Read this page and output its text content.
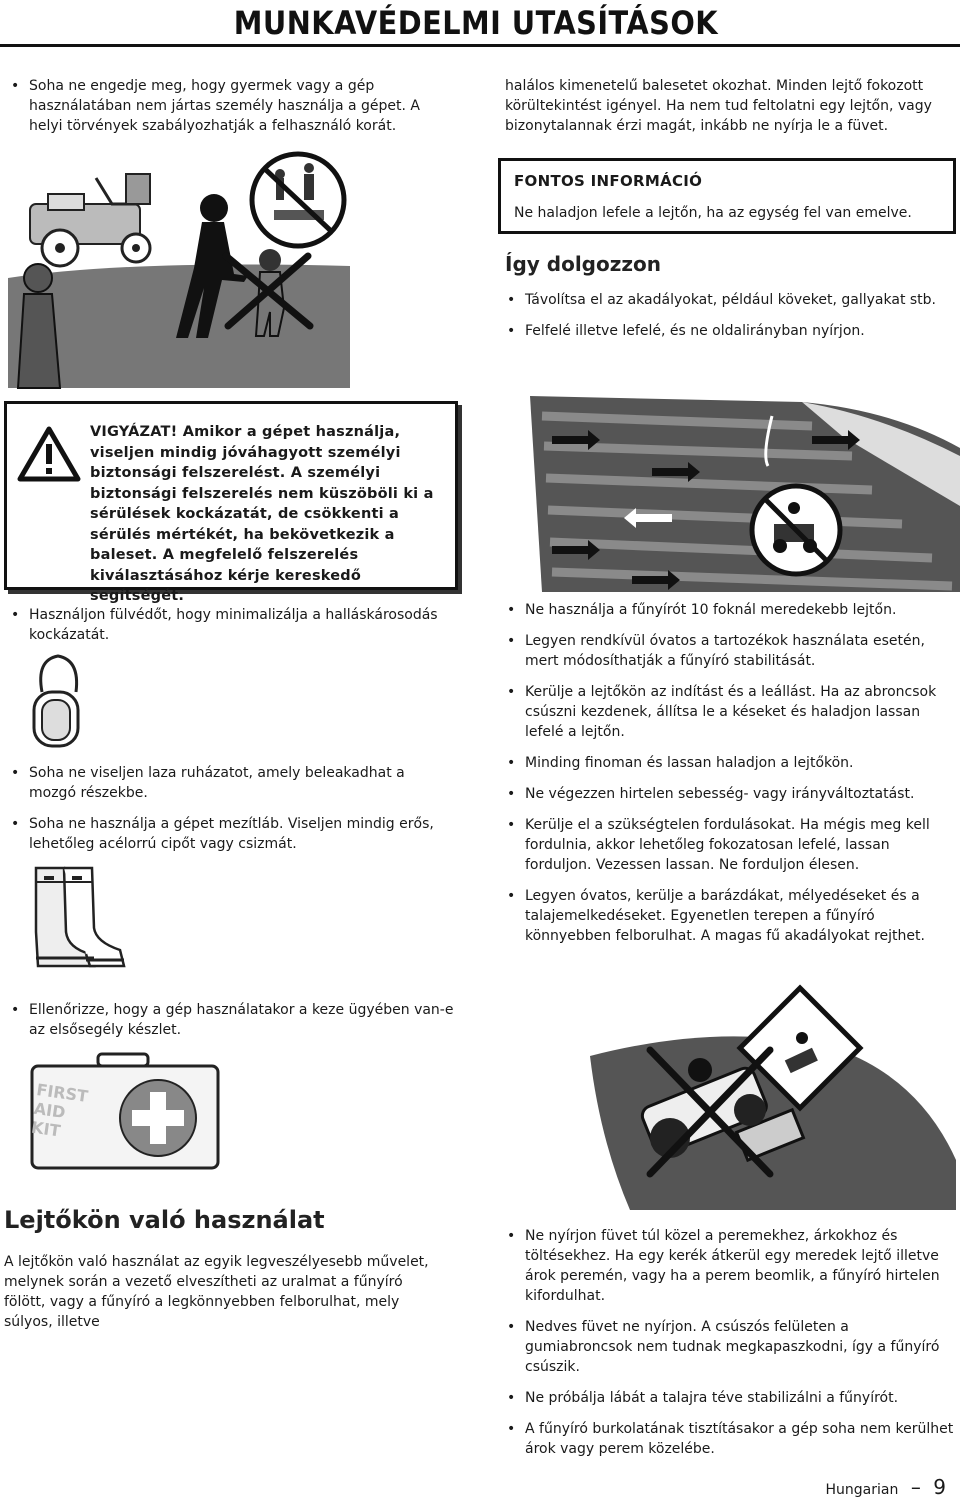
MUNKAVÉDELMI UTASÍTÁSOK
• Soha ne engedje meg, hogy gyermek vagy a gép használatában nem jártas személy használja a gépet. A helyi törvények szabályozhatják a felhasználó korát.
VIGYÁZAT! Amikor a gépet használja, viseljen mindig jóváhagyott személyi biztonsági felszerelést. A személyi biztonsági felszerelés nem küszöböli ki a sérülések kockázatát, de csökkenti a sérülés mértékét, ha bekövetkezik a baleset. A megfelelő felszerelés kiválasztásához kérje kereskedő segítségét.
• Használjon fülvédőt, hogy minimalizálja a halláskárosodás kockázatát.
• Soha ne viseljen laza ruházatot, amely beleakadhat a mozgó részekbe.
• Soha ne használja a gépet mezítláb. Viseljen mindig erős, lehetőleg acélorrú cipőt vagy csizmát.
• Ellenőrizze, hogy a gép használatakor a keze ügyében van-e az elsősegély készlet.
FIRST AID KIT
Lejtőkön való használat
A lejtőkön való használat az egyik legveszélyesebb művelet, melynek során a vezető elveszítheti az uralmat a fűnyíró fölött, vagy a fűnyíró a legkönnyebben felborulhat, mely súlyos, illetve
halálos kimenetelű balesetet okozhat. Minden lejtő fokozott körültekintést igényel. Ha nem tud feltolatni egy lejtőn, vagy bizonytalannak érzi magát, inkább ne nyírja le a füvet.
FONTOS INFORMÁCIÓ
Ne haladjon lefele a lejtőn, ha az egység fel van emelve.
Így dolgozzon
• Távolítsa el az akadályokat, például köveket, gallyakat stb.
• Felfelé illetve lefelé, és ne oldalirányban nyírjon.
• Ne használja a fűnyírót 10 foknál meredekebb lejtőn.
• Legyen rendkívül óvatos a tartozékok használata esetén, mert módosíthatják a fűnyíró stabilitását.
• Kerülje a lejtőkön az indítást és a leállást. Ha az abroncsok csúszni kezdenek, állítsa le a késeket és haladjon lassan lefelé a lejtőn.
• Minding finoman és lassan haladjon a lejtőkön.
• Ne végezzen hirtelen sebesség- vagy irányváltoztatást.
• Kerülje el a szükségtelen fordulásokat. Ha mégis meg kell fordulnia, akkor lehetőleg fokozatosan lefelé, lassan forduljon. Vezessen lassan. Ne forduljon élesen.
• Legyen óvatos, kerülje a barázdákat, mélyedéseket és a talajemelkedéseket. Egyenetlen terepen a fűnyíró könnyebben felborulhat. A magas fű akadályokat rejthet.
• Ne nyírjon füvet túl közel a peremekhez, árkokhoz és töltésekhez. Ha egy kerék átkerül egy meredek lejtő illetve árok peremén, vagy ha a perem beomlik, a fűnyíró hirtelen kifordulhat.
• Nedves füvet ne nyírjon. A csúszós felületen a gumiabroncsok nem tudnak megkapaszkodni, így a fűnyíró csúszik.
• Ne próbálja lábát a talajra téve stabilizálni a fűnyírót.
• A fűnyíró burkolatának tisztításakor a gép soha nem kerülhet árok vagy perem közelébe.
Hungarian – 9
